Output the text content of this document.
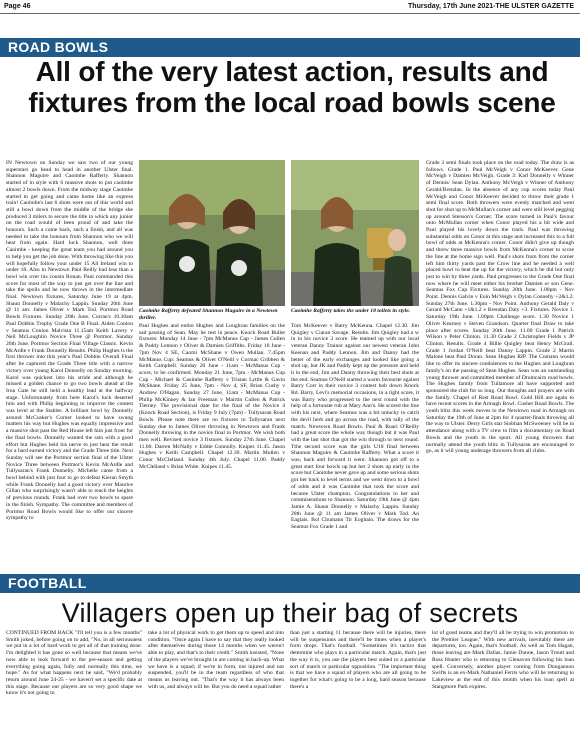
Page 46	Thursday, 17th June 2021-THE ULSTER GAZETTE
ROAD BOWLS
All of the very latest action, results and fixtures from the local road bowls scene

IN Newtown on Sunday we saw two of our young superstars go head to head in another Ulster final. Shannon Maguire and Caoimhe Rafferty. Shannon started of in style with 6 massive shots to put caoimhe almost 2 bowls down. From the midway stage Caoimhe started to get going and came home like an express train! Caoimhe's last 6 shots were out of this world and still a bowl down from the middle of the bridge she produced 3 milers to secure the title in which any junior on the road would of been proud of and take the honours. Such a come back, such a finish, and all was needed to take the honours from Shannon who we will hear from again. Hard luck Shannon, well done Caoimhe - keeping the great team you had around you to help you get the job done. With throwing like this you will hopefully follow your under 15 All Ireland win to under 18. Also in Newtown Paul Reilly had less than a bowl win over his cousin Ronan. Paul commanded this score for most of the way to just get over the line and take the spoils and he now throws in the intermediate final. Newtown fixtures, Saturday June 19 at 4pm. Shaun Donnelly v Malachy Lappin. Sunday 20th June @ 11 am. James Oliver v Mark Tod. Portmor Road Bowls Fixtures. Sunday 20th June. Curran's 10.30am Paul Dobbin Trophy Grade One B Final. Aiden Conlon v Seamus Conlon Malvista 11.15am Keith Lavery v Neil McLoughlin Novice Three @ Portmor. Sunday 20th June. Portmor Section Final Village Classic. Kevin McArdle v Frank Donnelly Results. Philip Hughes is the first thrower into this year's Paul Dobbin Overall Final after he captured the Grade Three title with a narrow victory over young Karol Donnelly on Sunday morning. Karol was quickest into his stride and although he missed a golden chance to go two bowls ahead at the Iron Gate he still held a healthy lead at the halfway stage. Unfortunately from here Karol's luck deserted him and with Philip beginning to improve the contest was level at the Stables. A brilliant bowl by Donnelly around McCusker's Corner looked to have swung matters his way but Hughes was equally impressive and a massive shot past the Red House left him just front for the final bowls. Donnelly wanted the rain with a good effort but Hughes held his nerve to just hear the result for a hard earned victory and the Grade Three title. Next Sunday will see the Portmor section final of the Ulster Novice Three between Portmor's Kevin McArdle and Tullysaran's Frank Donnelly. Michelle came from a bowl behind with just four to go to defeat Kieran Smyth while Frank Donnelly had a good victory over Maurice Gillan who surprisingly wasn't able to reach the heights of previous rounds. Frank had over two bowls to spare in the finish. Sympathy. The committee and members of Portmor Road Bowls would like to offer our sincere sympathy to

Caoimhe Rafferty defeated Shannon Maguire in a Newtown thriller.
Caoimhe Rafferty takes the under 18 toilets in style.

Paul Hughes and entire Hughes and Loughran families on the sad passing of Sean. May he rest in peace. Knock Road Bullet fixtures: Monday 14 June - 7pm McManus Cup - James Cullen & Paddy Lennon v Oliver & Damien Griffiths. Friday 18 June - 7pm Nov 4 SE, Caomi McShane v Owen Mullan. 7.45pm McManus Cup: Seamus & Oliver O'Neill v Cormac Gribben & Keith Campbell. Sunday 20 June - 11am - McManus Cup - score, to be confirmed. Monday 21 June, 7pm - McManus Cup Cup - Michael & Caoimhe Rafferty v Tristan Lyttle & Gavin McShane. Friday 25 June, 7pm - Nov 4, SF, Brian Cushy v Andrew O'Hagan. Sunday 27 June, 11am - McManus Cup - Philip McKinney & Ian Freeman v Mairtin Cullen & Patrick Tierney. The provisional date for the final of the Novice 4 (Knock Road Section), is Friday 9 July (7pm) - Tullysaran Road Bowls. Please note there are no fixtures in Tullysaran next Sunday due to James Oliver throwing in Newtown and Frank Donnelly throwing in the novice final in Portmor. We wish both men well. Revised novice 3 fixtures. Sunday 27th June. Chapel 11.00. Darren McNally v Eddie Connolly. Knipes 11.45. Jason Hughes v Keith Campbell. Chapel 12.30. Martin Mullen v Conor McClelland. Sunday 4th July. Chapel 11.00. Paddy McClelland v Brian White. Knipes 11.45.

Tom McKeever v Barry McKenna. Chapel 12.30. Jim Quigley v Ciaran Savage. Results. Jim Quigley had a w in in his novice 3 score. He teamed up with our local veteran Danny Trainor against our newest veteran John Keenan and Paddy Lennon. Jim and Danny had the better of the early exchanges and looked like going a shot up, but JK and Paddy kept up the pressure and held it in the end, Jim and Danny throwing their best shots at the end. Seamus O'Neill started a warm favourite against Barry Corr in their novice 3 contest bob down Knock Rd. Barry, Levi's memorial occasions, in a tight score, it was Barry who progressed to the next round with the help of a fortunate rub at Mary Ann's. He scored the line with his next, where Seamus was a bit unlucky to catch the devil herb and go across the road, with tally of the match. Newtown Road Bowls. Paul & Ruari O'Reilly had a great score the whole way though but it was Paul with the last shot that got the win through to next round. Tthe second score was the girls U18 final between Shannon Maguire & Caoimhe Rafferty. What a score it was, back and forward it went. Shannon got off to a great start four bowls up but her 2 shots up early in the score but Caoimhe never gave up and some serious shots got her back to level terms and we went down to a bowl of odds and it was Caoimhe that took the score and became Ulster champion. Congratulations to her and commiserations to Shannon. Saturday 19th June @ 4pm Jamie A. Shaun Donnelly v Malachy Lappin. Sunday 20th June @ 11 am James Oliver v Mark Tod. An Eaglais. Bol Chumann Tir Eoghain. The draws for the Seamus Fox Grade 1 and

Grade 3 semi finals took place on the road today. The draw is as follows. Grade 1. Paul McVeigh v Conor McKeever. Gene McVeigh v Damien McVeigh. Grade 3: Karl Donnelly v Winner of Dennis/ Sean Dylan. Anthony McVeigh v Winner of Anthony Gerald/Brendan. In the absence of any cup scores today Paul McVeigh and Conor McKeever decided to throw their grade 1 semi final score. Both throwers were evenly matched and went shot for shot up to McMullan's corner and were still level pegging up around Stenson's Corner. The score turned in Paul's favour onto McMullan corner when Conor played his a bit wide and Paul played his lovely down the track. Paul was throwing substantial odds on Conor at this stage and increased this to a full bowl of odds at McKenna's corner. Conor didn't give up though and threw three massive bowls from McKenna's corner to score the line at the home sign well. Paul's shots from from the corner left him thirty yards past the Crow line and he needed a well placed bowl to beat the up for the victory, which he did but only just to win by three yards. Paul progresses to the Grade One final now where he will meet either his brother Damien or son Gene. Seamus Fox Cup Fixtures. Sunday 20th June. 1.00pm - Nov Point. Dennis Galvin v Eoin McVeigh v Dylan Connelly +2&1.2. Sunday 27th June. 1.30pm - Nov Point. Anthony Gerald Daly v Gerard McCann +1&1.2 v Brendan Daly +3. Fixtures. Novice 1. Saturday 19th June. 1.00pm Challenge score. 1.30 Novice 1 Oliver Kearney v Steven Grandson. Quarter final Draw to take place after scores. Sunday 20th June. 11.00 Grade 1 Patrick Wilson v Peter Clinton. 11.30 Grade 2 Christopher Fields v JP Clinton. Results. Grade 4 Billie Quigley beat Henry McGrail. Grade 1 Jordan O'Neill beat Danny Lappin. Grade 2 Martin Malone beat Paul Doran. Sean Hughes RIP. The Cumann would like to offer its sincere condolences to the Hughes and Loughran family's on the passing of Sean Hughes. Sean was an outstanding young thrower and committed member of Drumcairn road bowls. The Hughes family from Tullamore all have supported and sponsored the club for so long. Our thoughts and prayers are with the family. Chapel of Rest Road Bowl. Gold Hill are again to have recent scores in the Armagh Bowl. Cusher Road Bowls. The youth blitz this week moves to the Newtown road in Armagh on Saturday the 19th of June at 2pm for 4 quarter-finals throwing all the way to Ulster. Derry Girls star Siobhan McSweeney will be in attendance along with a TV crew to film a documentary on Road Bowls and the youth in the sport. All young throwers that normally attend the youth blitz in Tullysaran are encouraged to go, as it will young underage throwers from all clubs.

FOOTBALL
Villagers open up their bag of secrets

CONTINUED FROM BACK "I'll tell you is a few months" Smith joked, before going on to add, "No, in all seriousness we put in a lot of hard work to get all of that training done. I'm delighted it has gone so well because that means we've now able to look forward to the pre-season and getting everything going again, fully and normally this time, we hope." As for what happens next he said, "We'd probably return around June 24-25 - we haven't set a specific date at this stage. Because our players are so very good shape we know it's not going to

take a lot of physical work to get them up to speed and into condition. "Once again I have to say that they really looked after themselves during those 14 months when we weren't able to play, and that's to their credit." Smith insisted, "None of the players we've brought in are coming in back-up. What we have is a squad; if we're in form, not injured and not suspended, you'll be in the team regardless of who that means us leaving out. "That's the way it has always been with us, and always will be. But you do need a squad rather

than just a starting 11 because there will be injuries, there will be suspensions and there'll be times when a player's form drops. That's football. "Sometimes it's tactics that determine who plays in a particular match. Again, that's just the way it is, you use the players best suited to a particular sort of match or particular opposition. "The important thing is that we have a squad of players who are all going to be together for what's going to be a long, hard season because there's a

lot of good teams and they'll all be trying to win promotion to the Premier League." With new arrivals, inevitably there are departures, too. Again, that's football. As well as Tom Hagan, those leaving are Mark Dallas, Jamie Dunne, Jason Troutt and Ross Hunter who is returning to Glenavon following his loan spell. Conversely, another player coming from Dungannon Swifts is an ex-Mark Nathaniel Ferris who will be returning to Lakeview at the end of this month when his loan spell at Stangmore Park expires.
